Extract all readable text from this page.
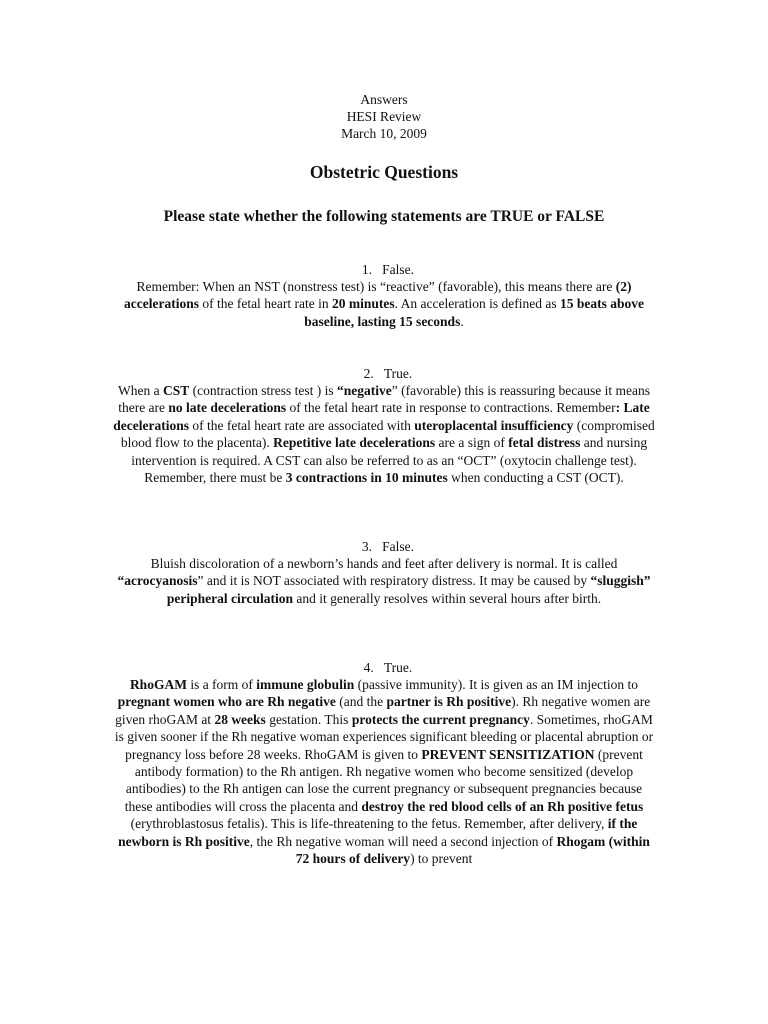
Answers
HESI Review
March 10, 2009
Obstetric Questions
Please state whether the following statements are TRUE or FALSE
1. False.
Remember: When an NST (nonstress test) is “reactive” (favorable), this means there are (2) accelerations of the fetal heart rate in 20 minutes. An acceleration is defined as 15 beats above baseline, lasting 15 seconds.
2. True.
When a CST (contraction stress test ) is “negative” (favorable) this is reassuring because it means there are no late decelerations of the fetal heart rate in response to contractions. Remember: Late decelerations of the fetal heart rate are associated with uteroplacental insufficiency (compromised blood flow to the placenta). Repetitive late decelerations are a sign of fetal distress and nursing intervention is required. A CST can also be referred to as an “OCT” (oxytocin challenge test). Remember, there must be 3 contractions in 10 minutes when conducting a CST (OCT).
3. False.
Bluish discoloration of a newborn’s hands and feet after delivery is normal. It is called “acrocyanosis” and it is NOT associated with respiratory distress. It may be caused by “sluggish” peripheral circulation and it generally resolves within several hours after birth.
4. True.
RhoGAM is a form of immune globulin (passive immunity). It is given as an IM injection to pregnant women who are Rh negative (and the partner is Rh positive). Rh negative women are given rhoGAM at 28 weeks gestation. This protects the current pregnancy. Sometimes, rhoGAM is given sooner if the Rh negative woman experiences significant bleeding or placental abruption or pregnancy loss before 28 weeks. RhoGAM is given to PREVENT SENSITIZATION (prevent antibody formation) to the Rh antigen. Rh negative women who become sensitized (develop antibodies) to the Rh antigen can lose the current pregnancy or subsequent pregnancies because these antibodies will cross the placenta and destroy the red blood cells of an Rh positive fetus (erythroblastosus fetalis). This is life-threatening to the fetus. Remember, after delivery, if the newborn is Rh positive, the Rh negative woman will need a second injection of Rhogam (within 72 hours of delivery) to prevent
